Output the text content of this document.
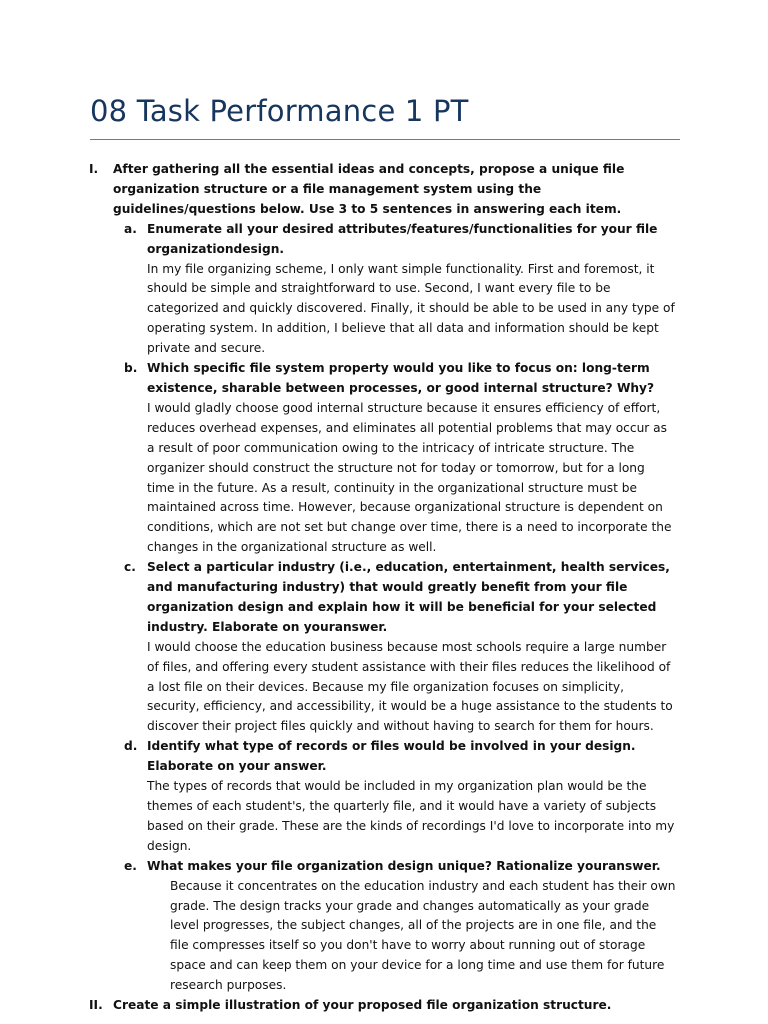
08 Task Performance 1 PT
I. After gathering all the essential ideas and concepts, propose a unique file organization structure or a file management system using the guidelines/questions below. Use 3 to 5 sentences in answering each item.

a. Enumerate all your desired attributes/features/functionalities for your file organizationdesign.

In my file organizing scheme, I only want simple functionality. First and foremost, it should be simple and straightforward to use. Second, I want every file to be categorized and quickly discovered. Finally, it should be able to be used in any type of operating system. In addition, I believe that all data and information should be kept private and secure.

b. Which specific file system property would you like to focus on: long-term existence, sharable between processes, or good internal structure? Why?

I would gladly choose good internal structure because it ensures efficiency of effort, reduces overhead expenses, and eliminates all potential problems that may occur as a result of poor communication owing to the intricacy of intricate structure. The organizer should construct the structure not for today or tomorrow, but for a long time in the future. As a result, continuity in the organizational structure must be maintained across time. However, because organizational structure is dependent on conditions, which are not set but change over time, there is a need to incorporate the changes in the organizational structure as well.

c. Select a particular industry (i.e., education, entertainment, health services, and manufacturing industry) that would greatly benefit from your file organization design and explain how it will be beneficial for your selected industry. Elaborate on youranswer.

I would choose the education business because most schools require a large number of files, and offering every student assistance with their files reduces the likelihood of a lost file on their devices. Because my file organization focuses on simplicity, security, efficiency, and accessibility, it would be a huge assistance to the students to discover their project files quickly and without having to search for them for hours.

d. Identify what type of records or files would be involved in your design. Elaborate on your answer.

The types of records that would be included in my organization plan would be the themes of each student's, the quarterly file, and it would have a variety of subjects based on their grade. These are the kinds of recordings I'd love to incorporate into my design.

e. What makes your file organization design unique? Rationalize youranswer.

Because it concentrates on the education industry and each student has their own grade. The design tracks your grade and changes automatically as your grade level progresses, the subject changes, all of the projects are in one file, and the file compresses itself so you don't have to worry about running out of storage space and can keep them on your device for a long time and use them for future research purposes.

II. Create a simple illustration of your proposed file organization structure.
